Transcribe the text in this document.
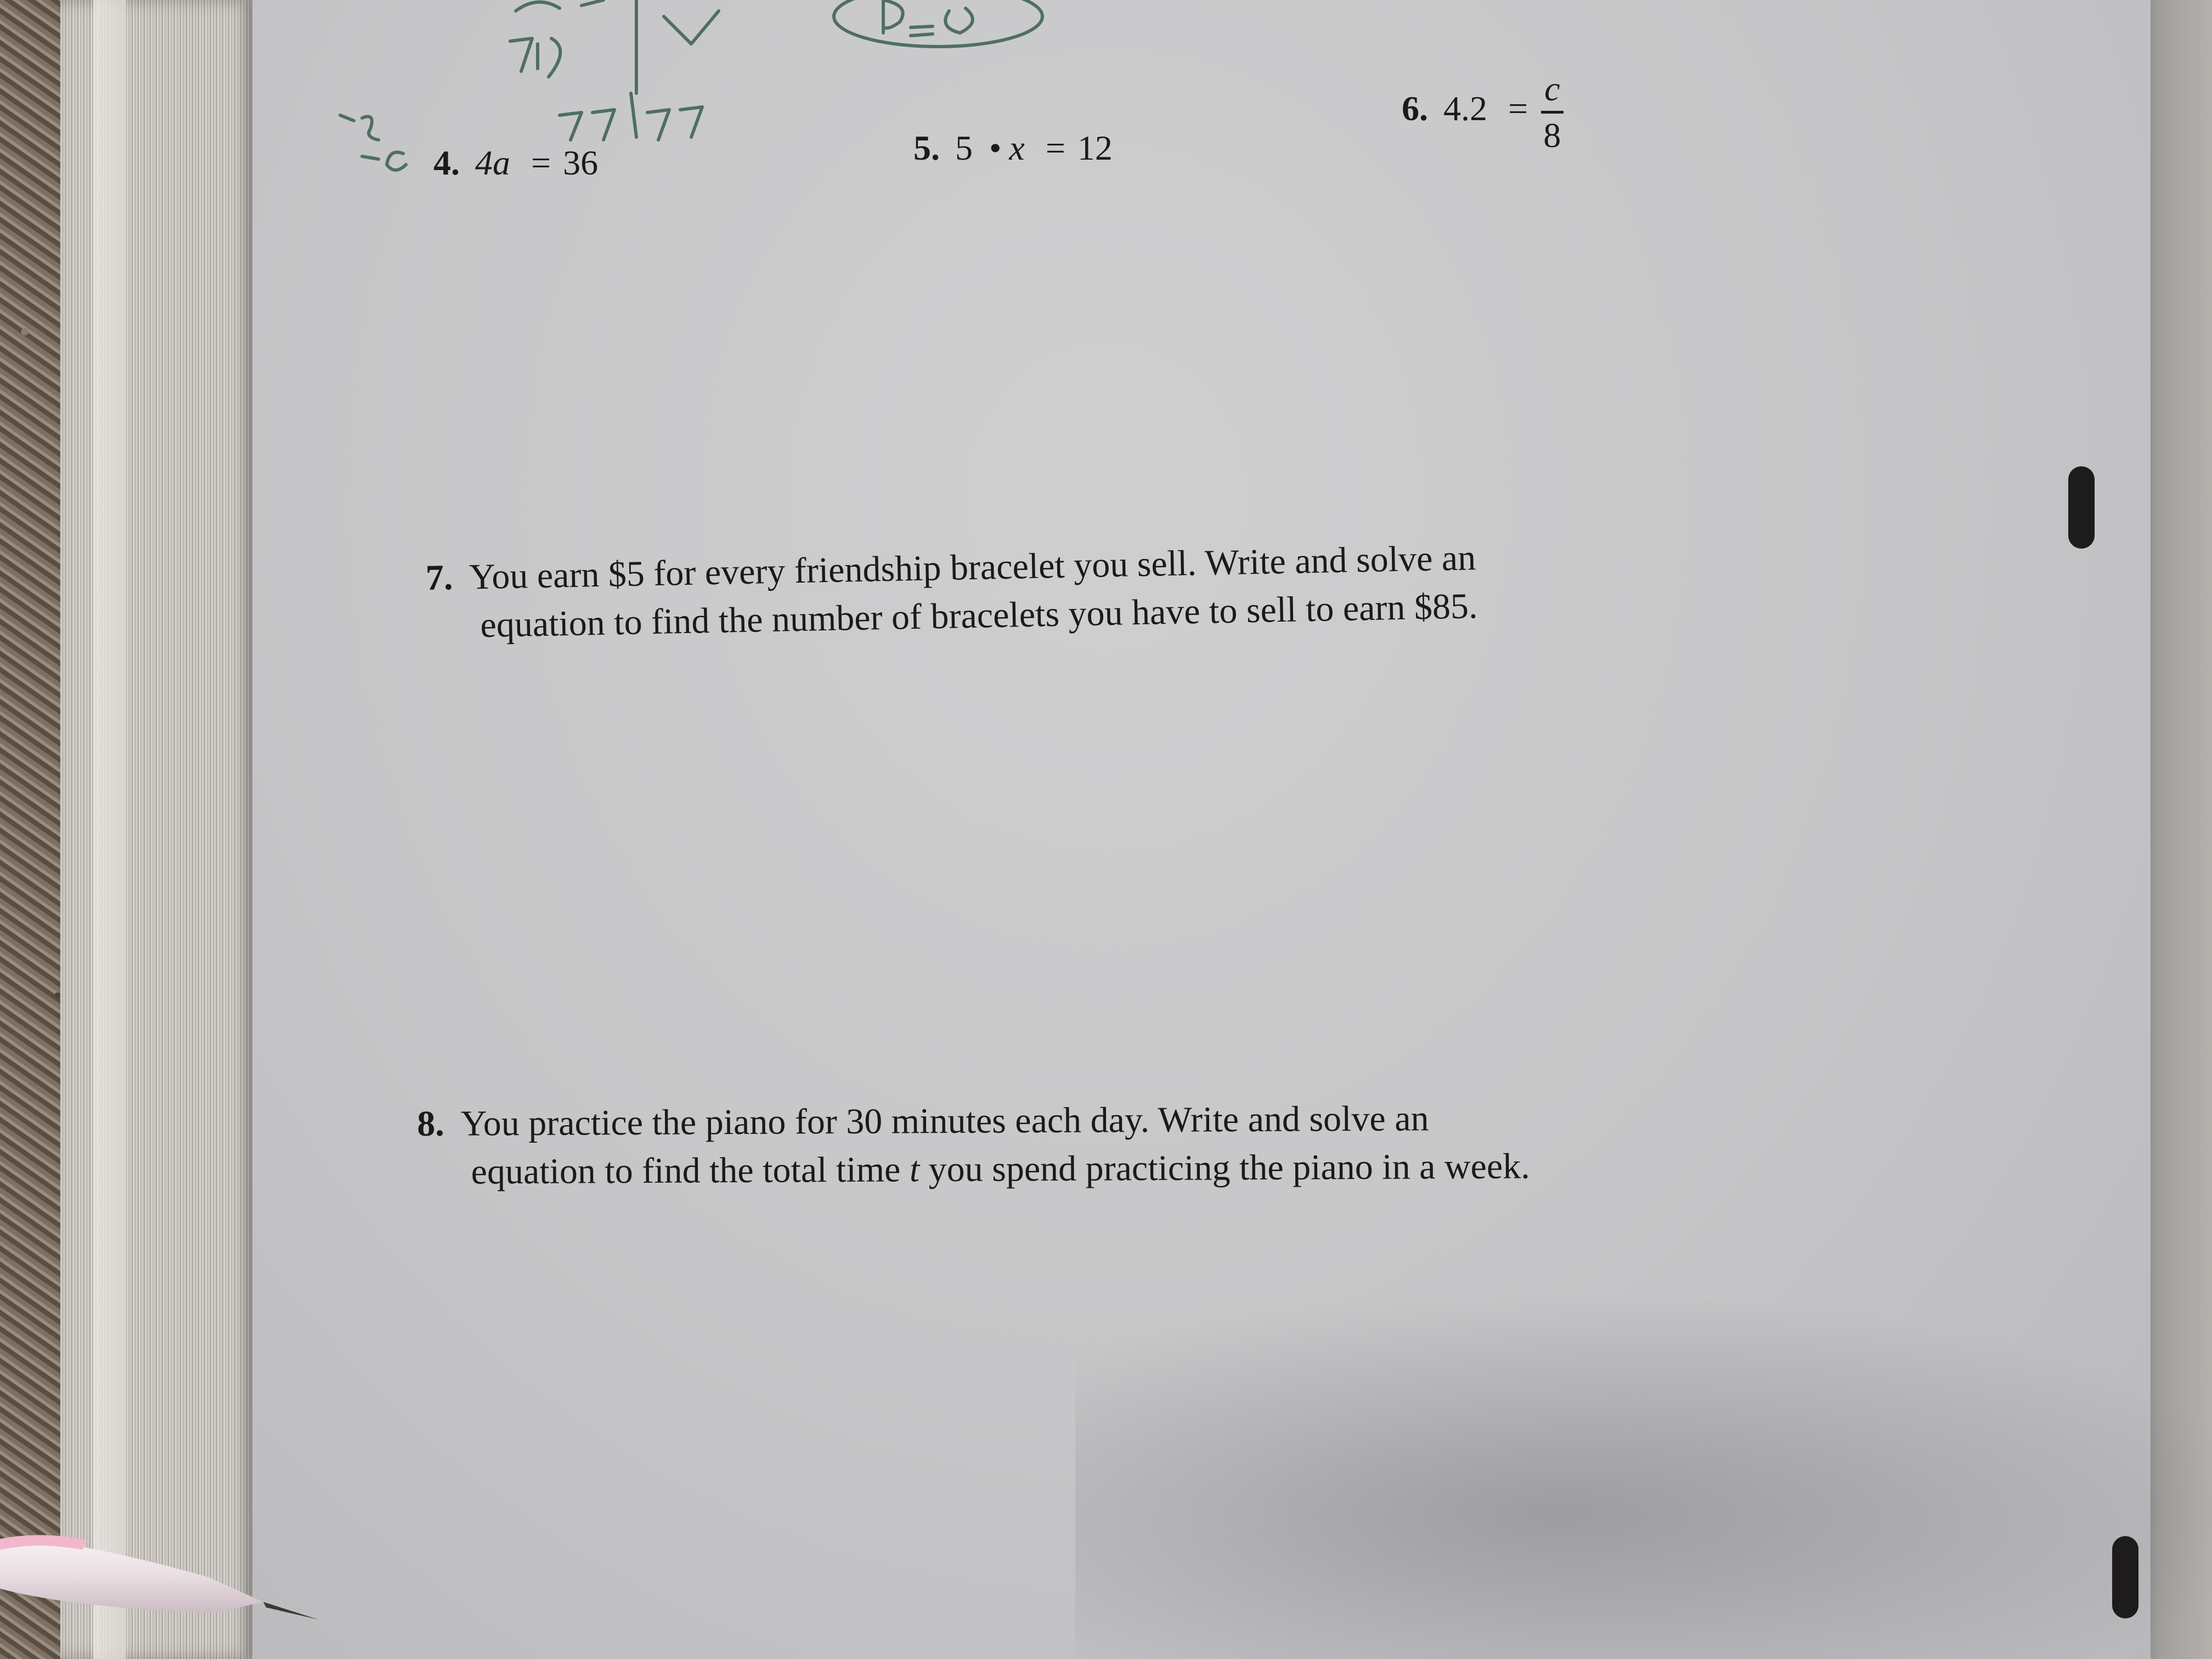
4. 4a = 36	5. 5 • x = 12
6. $4.2 = \frac{c}{8}$
7. You earn $5 for every friendship bracelet you sell. Write and solve an
equation to find the number of bracelets you have to sell to earn $85.
8. You practice the piano for 30 minutes each day. Write and solve an
equation to find the total time t you spend practicing the piano in a week.
